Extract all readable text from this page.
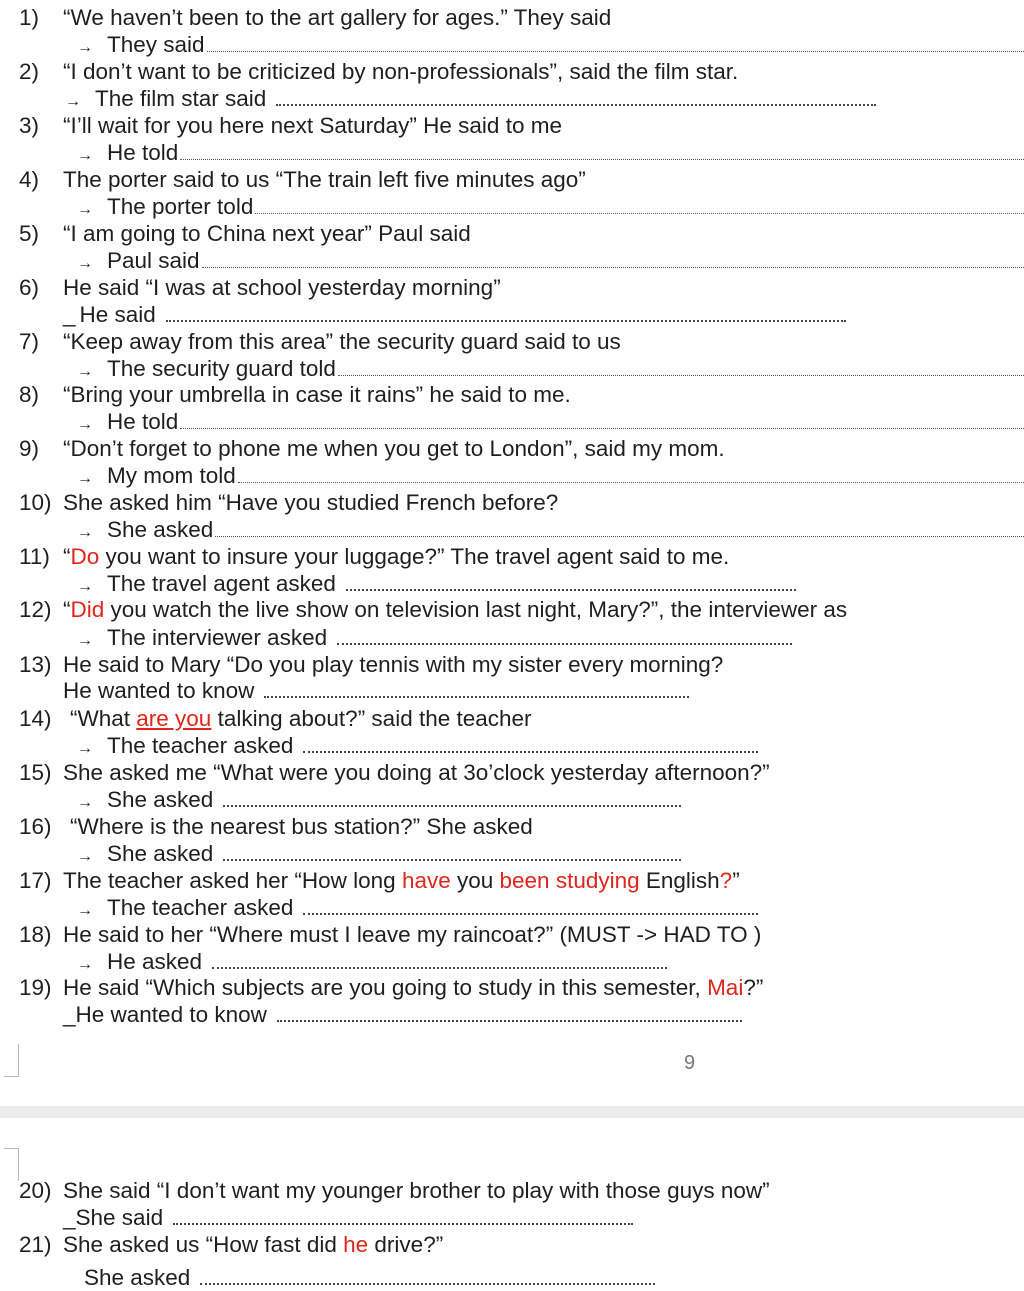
1) “We haven’t been to the art gallery for ages.” They said
→ They said
2) “I don’t want to be criticized by non-professionals”, said the film star.
→ The film star said
3) “I’ll wait for you here next Saturday” He said to me
→ He told
4) The porter said to us “The train left five minutes ago”
→ The porter told
5) “I am going to China next year” Paul said
→ Paul said
6) He said “I was at school yesterday morning”
_ He said
7) “Keep away from this area” the security guard said to us
→ The security guard told
8) “Bring your umbrella in case it rains” he said to me.
→ He told
9) “Don’t forget to phone me when you get to London”, said my mom.
→ My mom told
10) She asked him “Have you studied French before?
→ She asked
11) “Do you want to insure your luggage?” The travel agent said to me.
→ The travel agent asked
12) “Did you watch the live show on television last night, Mary?”, the interviewer as
→ The interviewer asked
13) He said to Mary “Do you play tennis with my sister every morning?
He wanted to know
14) “What are you talking about?” said the teacher
→ The teacher asked
15) She asked me “What were you doing at 3o’clock yesterday afternoon?”
→ She asked
16) “Where is the nearest bus station?” She asked
→ She asked
17) The teacher asked her “How long have you been studying English?”
→ The teacher asked
18) He said to her “Where must I leave my raincoat?” (MUST -> HAD TO )
→ He asked
19) He said “Which subjects are you going to study in this semester, Mai?”
_ He wanted to know
9
20) She said “I don’t want my younger brother to play with those guys now”
_ She said
21) She asked us “How fast did he drive?”
She asked
